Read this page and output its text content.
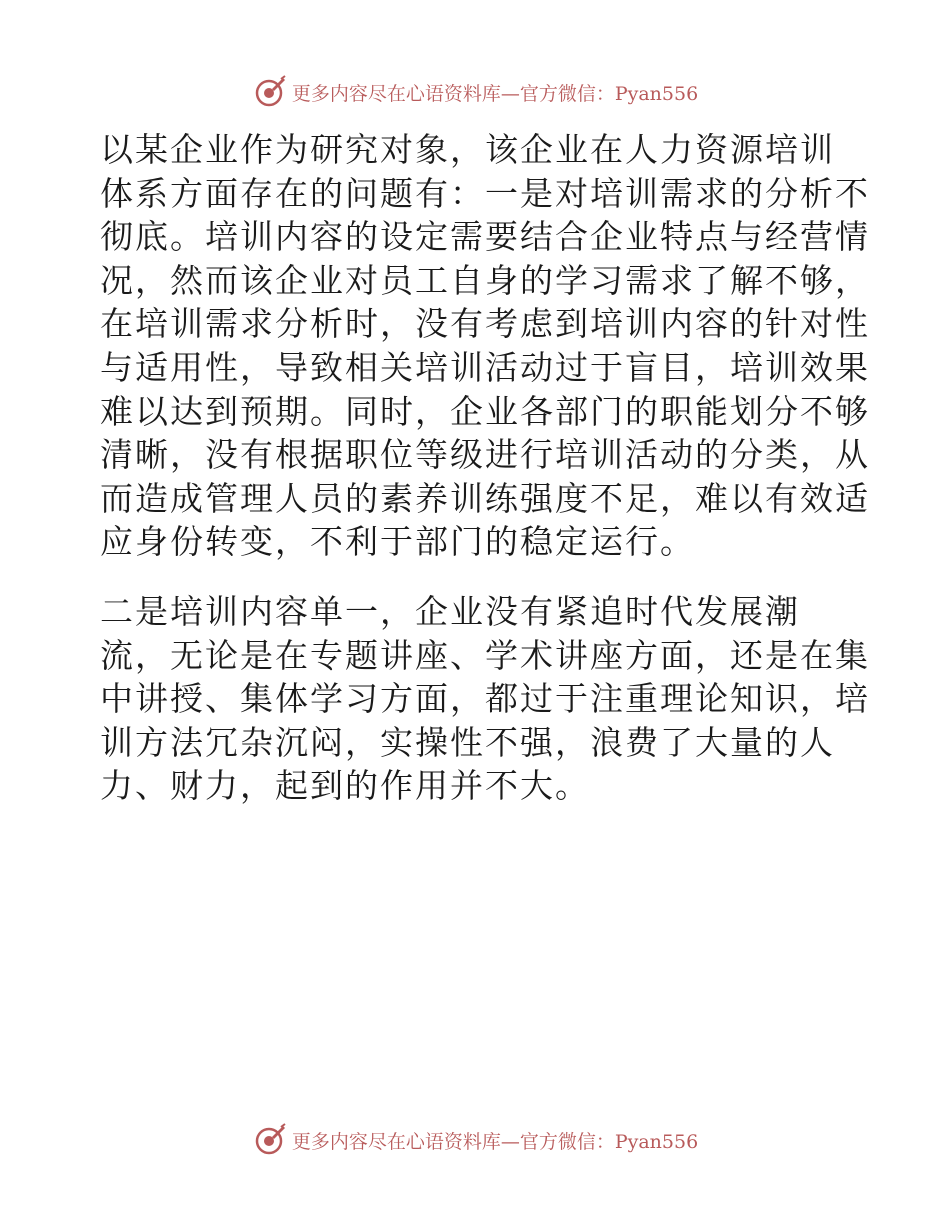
更多内容尽在心语资料库—官方微信：Pyan556
以某企业作为研究对象，该企业在人力资源培训
体系方面存在的问题有：一是对培训需求的分析不
彻底。培训内容的设定需要结合企业特点与经营情
况，然而该企业对员工自身的学习需求了解不够，
在培训需求分析时，没有考虑到培训内容的针对性
与适用性，导致相关培训活动过于盲目，培训效果
难以达到预期。同时，企业各部门的职能划分不够
清晰，没有根据职位等级进行培训活动的分类，从
而造成管理人员的素养训练强度不足，难以有效适
应身份转变，不利于部门的稳定运行。
二是培训内容单一，企业没有紧追时代发展潮
流，无论是在专题讲座、学术讲座方面，还是在集
中讲授、集体学习方面，都过于注重理论知识，培
训方法冗杂沉闷，实操性不强，浪费了大量的人
力、财力，起到的作用并不大。
更多内容尽在心语资料库—官方微信：Pyan556
